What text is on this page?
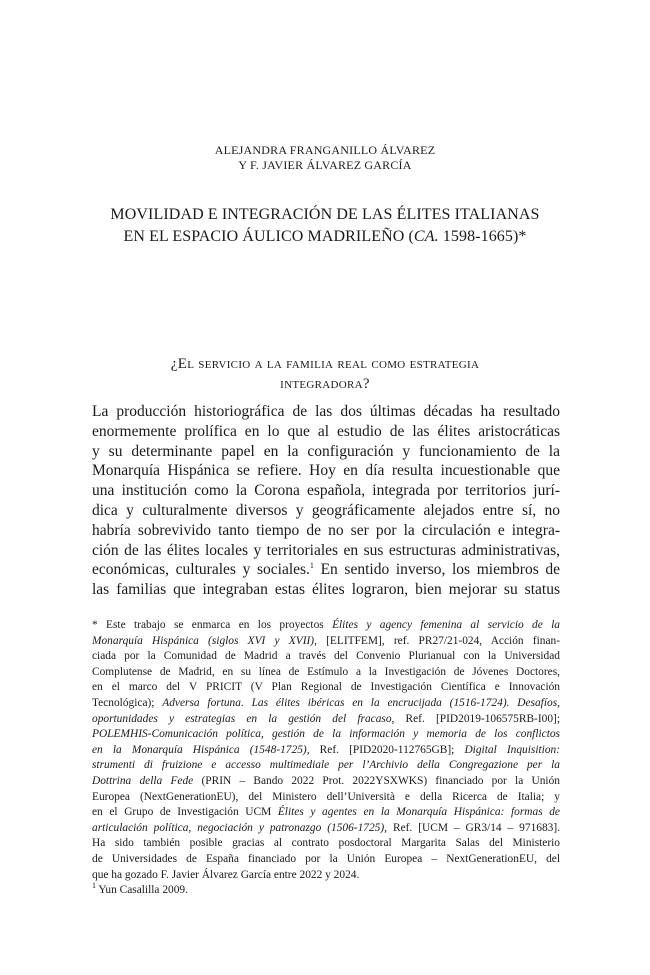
ALEJANDRA FRANGANILLO ÁLVAREZ
Y F. JAVIER ÁLVAREZ GARCÍA
MOVILIDAD E INTEGRACIÓN DE LAS ÉLITES ITALIANAS
EN EL ESPACIO ÁULICO MADRILEÑO (CA. 1598-1665)*
¿El servicio a la familia real como estrategia
integradora?
La producción historiográfica de las dos últimas décadas ha resultado
enormemente prolífica en lo que al estudio de las élites aristocráticas
y su determinante papel en la configuración y funcionamiento de la
Monarquía Hispánica se refiere. Hoy en día resulta incuestionable que
una institución como la Corona española, integrada por territorios jurí-
dica y culturalmente diversos y geográficamente alejados entre sí, no
habría sobrevivido tanto tiempo de no ser por la circulación e integra-
ción de las élites locales y territoriales en sus estructuras administrativas,
económicas, culturales y sociales.$^1$ En sentido inverso, los miembros de
las familias que integraban estas élites lograron, bien mejorar su status
* Este trabajo se enmarca en los proyectos Élites y agency femenina al servicio de la
Monarquía Hispánica (siglos XVI y XVII), [ELITFEM], ref. PR27/21-024, Acción finan-
ciada por la Comunidad de Madrid a través del Convenio Plurianual con la Universidad
Complutense de Madrid, en su línea de Estímulo a la Investigación de Jóvenes Doctores,
en el marco del V PRICIT (V Plan Regional de Investigación Científica e Innovación
Tecnológica); Adversa fortuna. Las élites ibéricas en la encrucijada (1516-1724). Desafíos,
oportunidades y estrategias en la gestión del fracaso, Ref. [PID2019-106575RB-I00];
POLEMHIS-Comunicación política, gestión de la información y memoria de los conflictos
en la Monarquía Hispánica (1548-1725), Ref. [PID2020-112765GB]; Digital Inquisition:
strumenti di fruizione e accesso multimediale per l’Archivio della Congregazione per la
Dottrina della Fede (PRIN – Bando 2022 Prot. 2022YSXWKS) financiado por la Unión
Europea (NextGenerationEU), del Ministero dell’Università e della Ricerca de Italia; y
en el Grupo de Investigación UCM Élites y agentes en la Monarquía Hispánica: formas de
articulación política, negociación y patronazgo (1506-1725), Ref. [UCM – GR3/14 – 971683].
Ha sido también posible gracias al contrato posdoctoral Margarita Salas del Ministerio
de Universidades de España financiado por la Unión Europea – NextGenerationEU, del
que ha gozado F. Javier Álvarez García entre 2022 y 2024.
$^1$ Yun Casalilla 2009.
